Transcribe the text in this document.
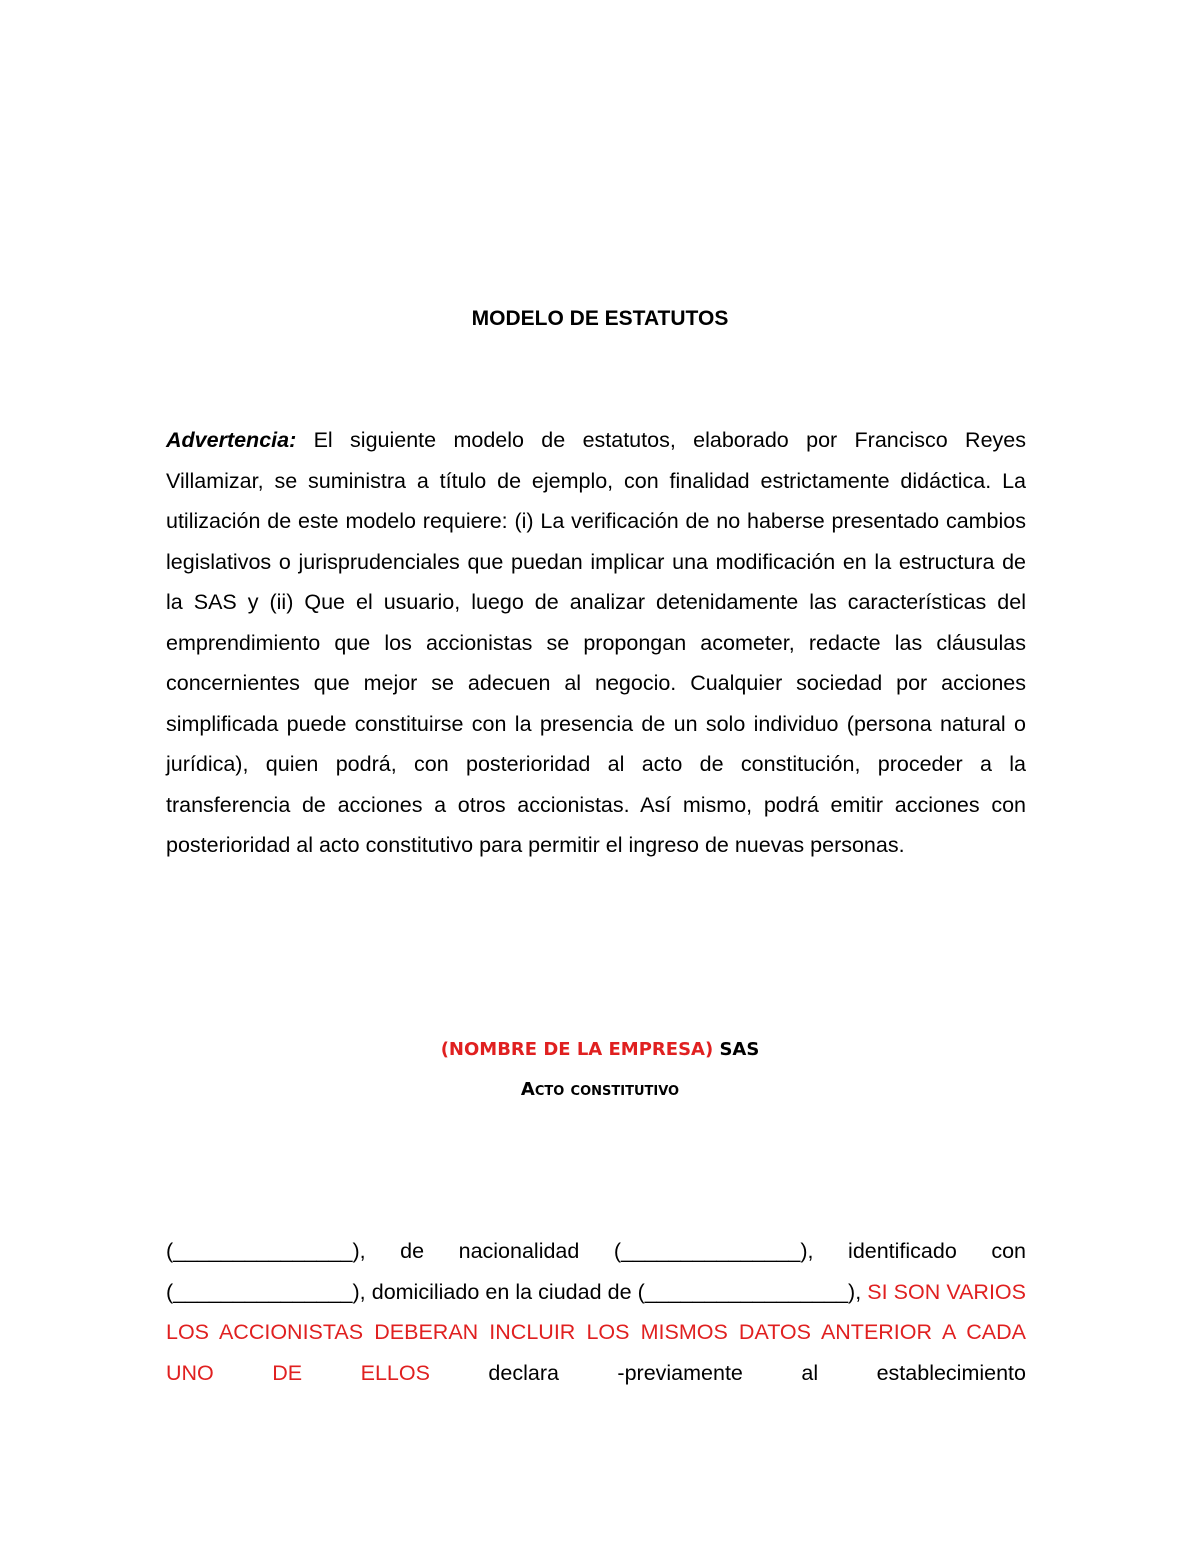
MODELO DE ESTATUTOS
Advertencia: El siguiente modelo de estatutos, elaborado por Francisco Reyes Villamizar, se suministra a título de ejemplo, con finalidad estrictamente didáctica. La utilización de este modelo requiere: (i) La verificación de no haberse presentado cambios legislativos o jurisprudenciales que puedan implicar una modificación en la estructura de la SAS y (ii) Que el usuario, luego de analizar detenidamente las características del emprendimiento que los accionistas se propongan acometer, redacte las cláusulas concernientes que mejor se adecuen al negocio. Cualquier sociedad por acciones simplificada puede constituirse con la presencia de un solo individuo (persona natural o jurídica), quien podrá, con posterioridad al acto de constitución, proceder a la transferencia de acciones a otros accionistas. Así mismo, podrá emitir acciones con posterioridad al acto constitutivo para permitir el ingreso de nuevas personas.
(NOMBRE DE LA EMPRESA) SAS
Acto constitutivo
(_______________), de nacionalidad (_______________), identificado con (_______________), domiciliado en la ciudad de (_________________), SI SON VARIOS LOS ACCIONISTAS DEBERAN INCLUIR LOS MISMOS DATOS ANTERIOR A CADA UNO DE ELLOS declara -previamente al establecimiento
